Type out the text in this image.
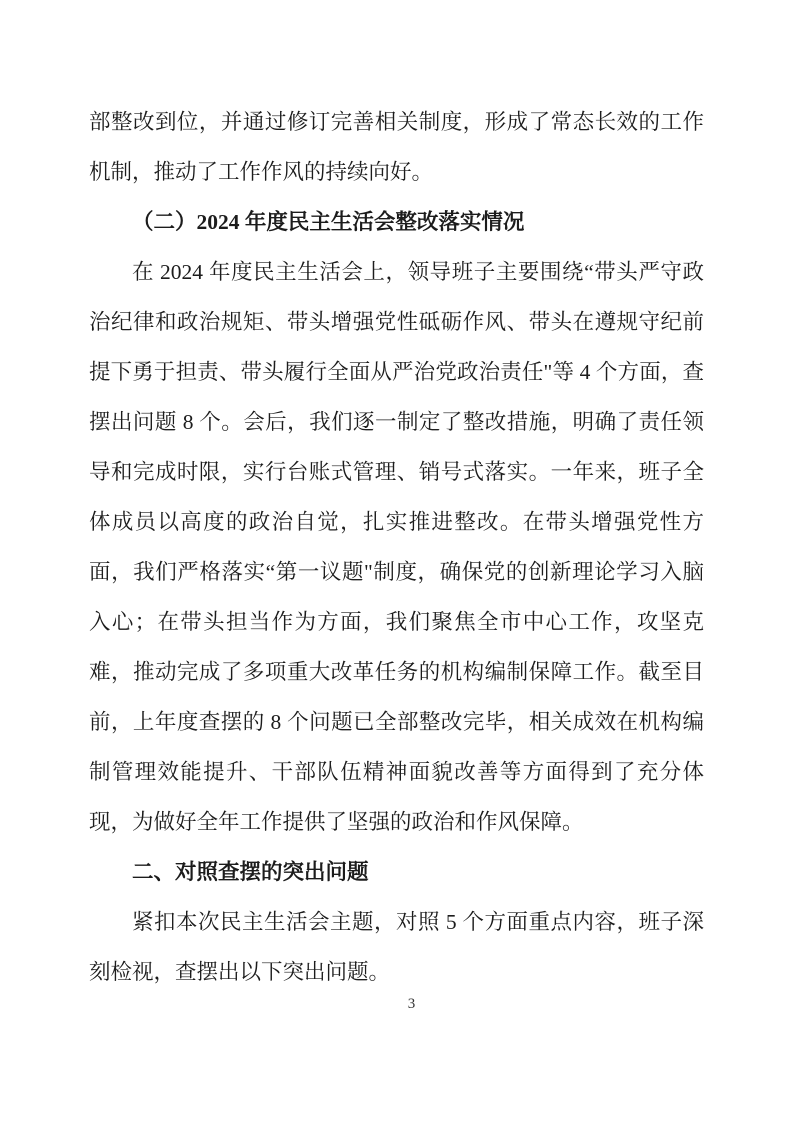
部整改到位，并通过修订完善相关制度，形成了常态长效的工作机制，推动了工作作风的持续向好。

（二）2024 年度民主生活会整改落实情况

在 2024 年度民主生活会上，领导班子主要围绕“带头严守政治纪律和政治规矩、带头增强党性砥砺作风、带头在遵规守纪前提下勇于担责、带头履行全面从严治党政治责任"等 4 个方面，查摆出问题 8 个。会后，我们逐一制定了整改措施，明确了责任领导和完成时限，实行台账式管理、销号式落实。一年来，班子全体成员以高度的政治自觉，扎实推进整改。在带头增强党性方面，我们严格落实“第一议题"制度，确保党的创新理论学习入脑入心；在带头担当作为方面，我们聚焦全市中心工作，攻坚克难，推动完成了多项重大改革任务的机构编制保障工作。截至目前，上年度查摆的 8 个问题已全部整改完毕，相关成效在机构编制管理效能提升、干部队伍精神面貌改善等方面得到了充分体现，为做好全年工作提供了坚强的政治和作风保障。

二、对照查摆的突出问题

紧扣本次民主生活会主题，对照 5 个方面重点内容，班子深刻检视，查摆出以下突出问题。

3
